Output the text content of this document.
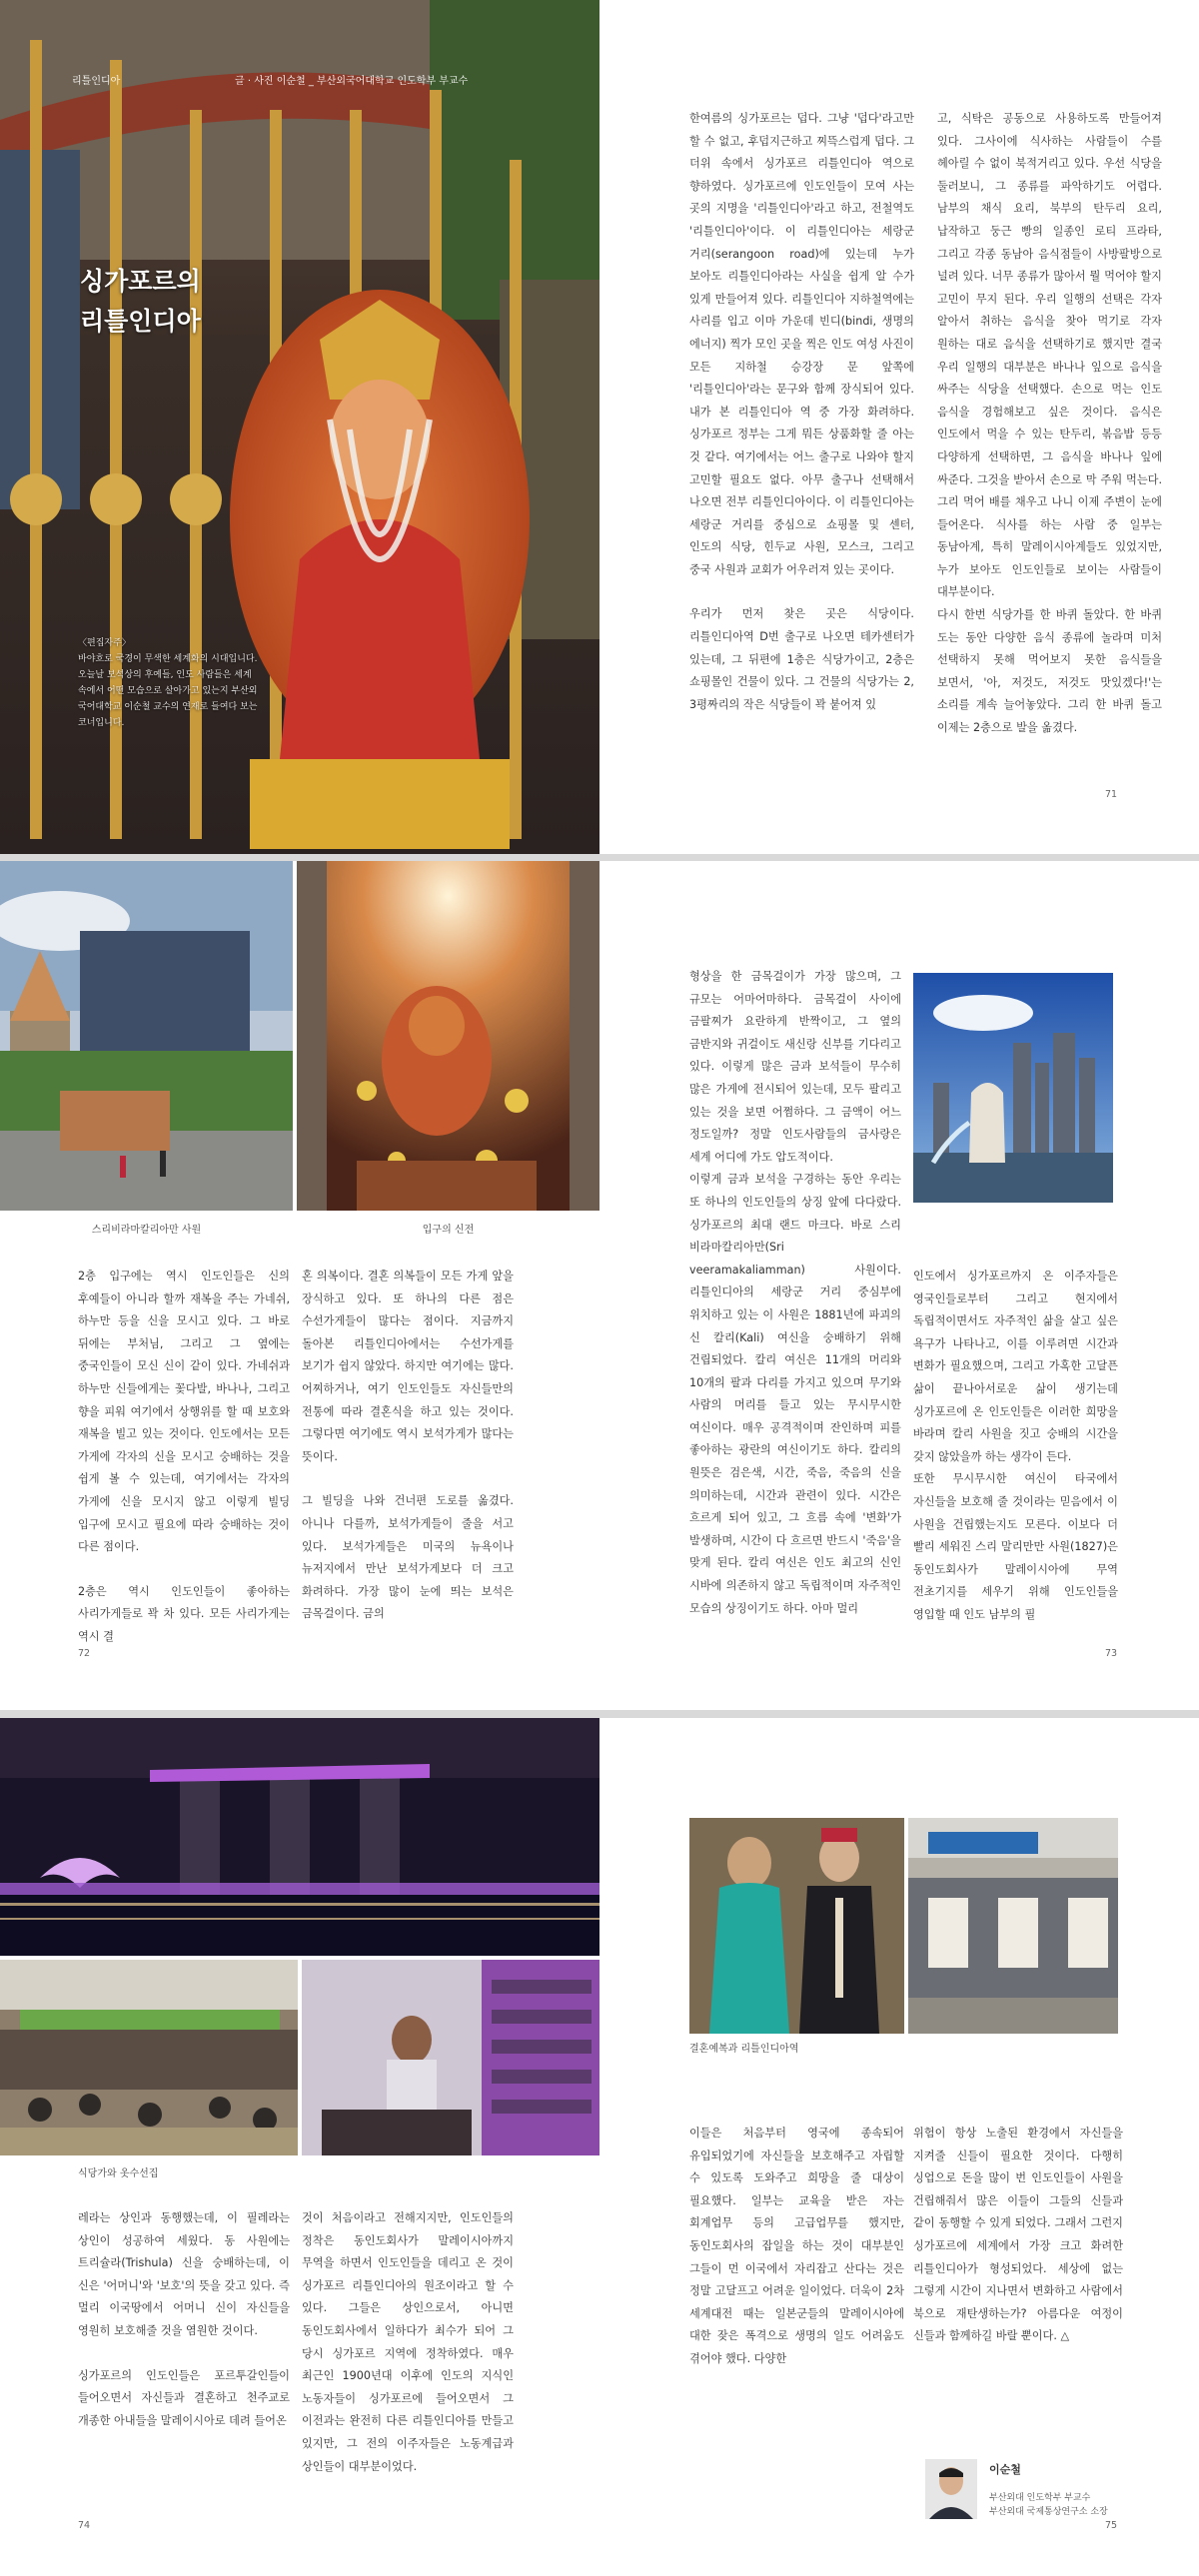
리틀인디아	글 · 사진 이순철 _ 부산외국어대학교 인도학부 부교수
싱가포르의
리틀인디아
〈편집자주〉
바야흐로 국경이 무색한 세계화의 시대입니다. 오늘날 보석상의 후예들, 인도 사람들은 세계 속에서 어떤 모습으로 살아가고 있는지 부산외국어대학교 이순철 교수의 연재로 들여다 보는 코너입니다.

한여름의 싱가포르는 덥다. 그냥 '덥다'라고만 할 수 없고, 후덥지근하고 찌뜩스럽게 덥다. 그 더위 속에서 싱가포르 리틀인디아 역으로 향하였다. 싱가포르에 인도인들이 모여 사는 곳의 지명을 '리틀인디아'라고 하고, 전철역도 '리틀인디아'이다. 이 리틀인디아는 세랑군 거리(serangoon road)에 있는데 누가 보아도 리틀인디아라는 사실을 쉽게 알 수가 있게 만들어져 있다. 리틀인디아 지하철역에는 사리를 입고 이마 가운데 빈디(bindi, 생명의 에너지) 찍가 모인 곳을 찍은 인도 여성 사진이 모든 지하철 승강장 문 앞쪽에 '리틀인디아'라는 문구와 함께 장식되어 있다. 내가 본 리틀인디아 역 중 가장 화려하다. 싱가포르 정부는 그게 뭐든 상품화할 줄 아는 것 같다. 여기에서는 어느 출구로 나와야 할지 고민할 필요도 없다. 아무 출구나 선택해서 나오면 전부 리틀인디아이다. 이 리틀인디아는 세랑군 거리를 중심으로 쇼핑몰 및 센터, 인도의 식당, 힌두교 사원, 모스크, 그리고 중국 사원과 교회가 어우러져 있는 곳이다.

우리가 먼저 찾은 곳은 식당이다. 리틀인디아역 D번 출구로 나오면 테카센터가 있는데, 그 뒤편에 1층은 식당가이고, 2층은 쇼핑몰인 건물이 있다. 그 건물의 식당가는 2, 3평짜리의 작은 식당들이 꽉 붙어져 있

고, 식탁은 공동으로 사용하도록 만들어져 있다. 그사이에 식사하는 사람들이 수를 헤아릴 수 없이 북적거리고 있다. 우선 식당을 둘러보니, 그 종류를 파악하기도 어렵다. 남부의 채식 요리, 북부의 탄두리 요리, 납작하고 둥근 빵의 일종인 로티 프라타, 그리고 각종 동남아 음식점들이 사방팔방으로 널려 있다. 너무 종류가 많아서 뭘 먹어야 할지 고민이 무지 된다. 우리 일행의 선택은 각자 알아서 취하는 음식을 찾아 먹기로 각자 원하는 대로 음식을 선택하기로 했지만 결국 우리 일행의 대부분은 바나나 잎으로 음식을 싸주는 식당을 선택했다. 손으로 먹는 인도 음식을 경험해보고 싶은 것이다. 음식은 인도에서 먹을 수 있는 탄두리, 볶음밥 등등 다양하게 선택하면, 그 음식을 바나나 잎에 싸준다. 그것을 받아서 손으로 막 주워 먹는다. 그리 먹어 배를 채우고 나니 이제 주변이 눈에 들어온다. 식사를 하는 사람 중 일부는 동남아계, 특히 말레이시아계들도 있었지만, 누가 보아도 인도인들로 보이는 사람들이 대부분이다.

다시 한번 식당가를 한 바퀴 돌았다. 한 바퀴 도는 동안 다양한 음식 종류에 놀라며 미처 선택하지 못해 먹어보지 못한 음식들을 보면서, '아, 저것도, 저것도 맛있겠다!'는 소리를 계속 늘어놓았다. 그리 한 바퀴 돌고 이제는 2층으로 발을 옮겼다.

71
스리비라마칼리아만 사원	입구의 신전

2층 입구에는 역시 인도인들은 신의 후예들이 아니라 할까 재복을 주는 가네쉬, 하누만 등을 신을 모시고 있다. 그 바로 뒤에는 부처님, 그리고 그 옆에는 중국인들이 모신 신이 같이 있다. 가네쉬과 하누만 신들에게는 꽃다발, 바나나, 그리고 향을 피워 여기에서 상행위를 할 때 보호와 재복을 빌고 있는 것이다. 인도에서는 모든 가게에 각자의 신을 모시고 숭배하는 것을 쉽게 볼 수 있는데, 여기에서는 각자의 가게에 신을 모시지 않고 이렇게 빌딩 입구에 모시고 필요에 따라 숭배하는 것이 다른 점이다.

2층은 역시 인도인들이 좋아하는 사리가게들로 꽉 차 있다. 모든 사리가게는 역시 결

혼 의복이다. 결혼 의복들이 모든 가게 앞을 장식하고 있다. 또 하나의 다른 점은 수선가게들이 많다는 점이다. 지금까지 돌아본 리틀인디아에서는 수선가게를 보기가 쉽지 않았다. 하지만 여기에는 많다. 어찌하거나, 여기 인도인들도 자신들만의 전통에 따라 결혼식을 하고 있는 것이다. 그렇다면 여기에도 역시 보석가게가 많다는 뜻이다.

그 빌딩을 나와 건너편 도로를 옮겼다. 아니나 다를까, 보석가게들이 줄을 서고 있다. 보석가게들은 미국의 뉴욕이나 뉴저지에서 만난 보석가게보다 더 크고 화려하다. 가장 많이 눈에 띄는 보석은 금목걸이다. 금의

72

형상을 한 금목걸이가 가장 많으며, 그 규모는 어마어마하다. 금목걸이 사이에 금팔찌가 요란하게 반짝이고, 그 옆의 금반지와 귀걸이도 새신랑 신부를 기다리고 있다. 이렇게 많은 금과 보석들이 무수히 많은 가게에 전시되어 있는데, 모두 팔리고 있는 것을 보면 어쩜하다. 그 금액이 어느 정도일까? 정말 인도사람들의 금사랑은 세계 어디에 가도 압도적이다.

이렇게 금과 보석을 구경하는 동안 우리는 또 하나의 인도인들의 상징 앞에 다다랐다. 싱가포르의 최대 랜드 마크다. 바로 스리 비라마칼리아만(Sri veeramakaliamman) 사원이다. 리틀인디아의 세랑군 거리 중심부에 위치하고 있는 이 사원은 1881년에 파괴의 신 칼리(Kali) 여신을 숭배하기 위해 건립되었다. 칼리 여신은 11개의 머리와 10개의 팔과 다리를 가지고 있으며 무기와 사람의 머리를 들고 있는 무시무시한 여신이다. 매우 공격적이며 잔인하며 피를 좋아하는 광란의 여신이기도 하다. 칼리의 원뜻은 검은색, 시간, 죽음, 죽음의 신을 의미하는데, 시간과 관련이 있다. 시간은 흐르게 되어 있고, 그 흐름 속에 '변화'가 발생하며, 시간이 다 흐르면 반드시 '죽음'을 맞게 된다. 칼리 여신은 인도 최고의 신인 시바에 의존하지 않고 독립적이며 자주적인 모습의 상징이기도 하다. 아마 멀리

인도에서 싱가포르까지 온 이주자들은 영국인들로부터 그리고 현지에서 독립적이면서도 자주적인 삶을 살고 싶은 욕구가 나타나고, 이를 이루려면 시간과 변화가 필요했으며, 그리고 가혹한 고달픈 삶이 끝나아서로운 삶이 생기는데 싱가포르에 온 인도인들은 이러한 희망을 바라며 칼리 사원을 짓고 숭배의 시간을 갖지 않았을까 하는 생각이 든다.

또한 무시무시한 여신이 타국에서 자신들을 보호해 줄 것이라는 믿음에서 이 사원을 건립했는지도 모른다. 이보다 더 빨리 세워진 스리 말리만만 사원(1827)은 동인도회사가 말레이시아에 무역 전초기지를 세우기 위해 인도인들을 영입할 때 인도 남부의 필

73
식당가와 옷수선집

레라는 상인과 동행했는데, 이 필레라는 상인이 성공하여 세웠다. 동 사원에는 트리슐라(Trishula) 신을 숭배하는데, 이 신은 '어머니'와 '보호'의 뜻을 갖고 있다. 즉 멀리 이국땅에서 어머니 신이 자신들을 영원히 보호해줄 것을 염원한 것이다.

싱가포르의 인도인들은 포르투갈인들이 들어오면서 자신들과 결혼하고 천주교로 개종한 아내들을 말레이시아로 데려 들어온

것이 처음이라고 전해지지만, 인도인들의 정착은 동인도회사가 말레이시아까지 무역을 하면서 인도인들을 데리고 온 것이 싱가포르 리틀인디아의 원조이라고 할 수 있다. 그들은 상인으로서, 아니면 동인도회사에서 일하다가 최수가 되어 그 당시 싱가포르 지역에 정착하였다. 매우 최근인 1900년대 이후에 인도의 지식인 노동자들이 싱가포르에 들어오면서 그 이전과는 완전히 다른 리틀인디아를 만들고 있지만, 그 전의 이주자들은 노동계급과 상인들이 대부분이었다.

74
결혼예복과 리틀인디아역

이들은 처음부터 영국에 종속되어 유입되었기에 자신들을 보호해주고 자립할 수 있도록 도와주고 희망을 줄 대상이 필요했다. 일부는 교육을 받은 자는 회계업무 등의 고급업무를 했지만, 동인도회사의 잡일을 하는 것이 대부분인 그들이 먼 이국에서 자리잡고 산다는 것은 정말 고달프고 어려운 일이었다. 더욱이 2차 세계대전 때는 일본군들의 말레이시아에 대한 잦은 폭격으로 생명의 일도 어려움도 겪어야 했다. 다양한

위험이 항상 노출된 환경에서 자신들을 지켜줄 신들이 필요한 것이다. 다행히 싱업으로 돈을 많이 번 인도인들이 사원을 건립해줘서 많은 이들이 그들의 신들과 같이 동행할 수 있게 되었다. 그래서 그런지 싱가포르에 세계에서 가장 크고 화려한 리틀인디아가 형성되었다. 세상에 없는 그렇게 시간이 지나면서 변화하고 사람에서 북으로 재탄생하는가? 아름다운 여정이 신들과 함께하길 바랄 뿐이다. △

이순철
부산외대 인도학부 부교수
부산외대 국제통상연구소 소장
75
